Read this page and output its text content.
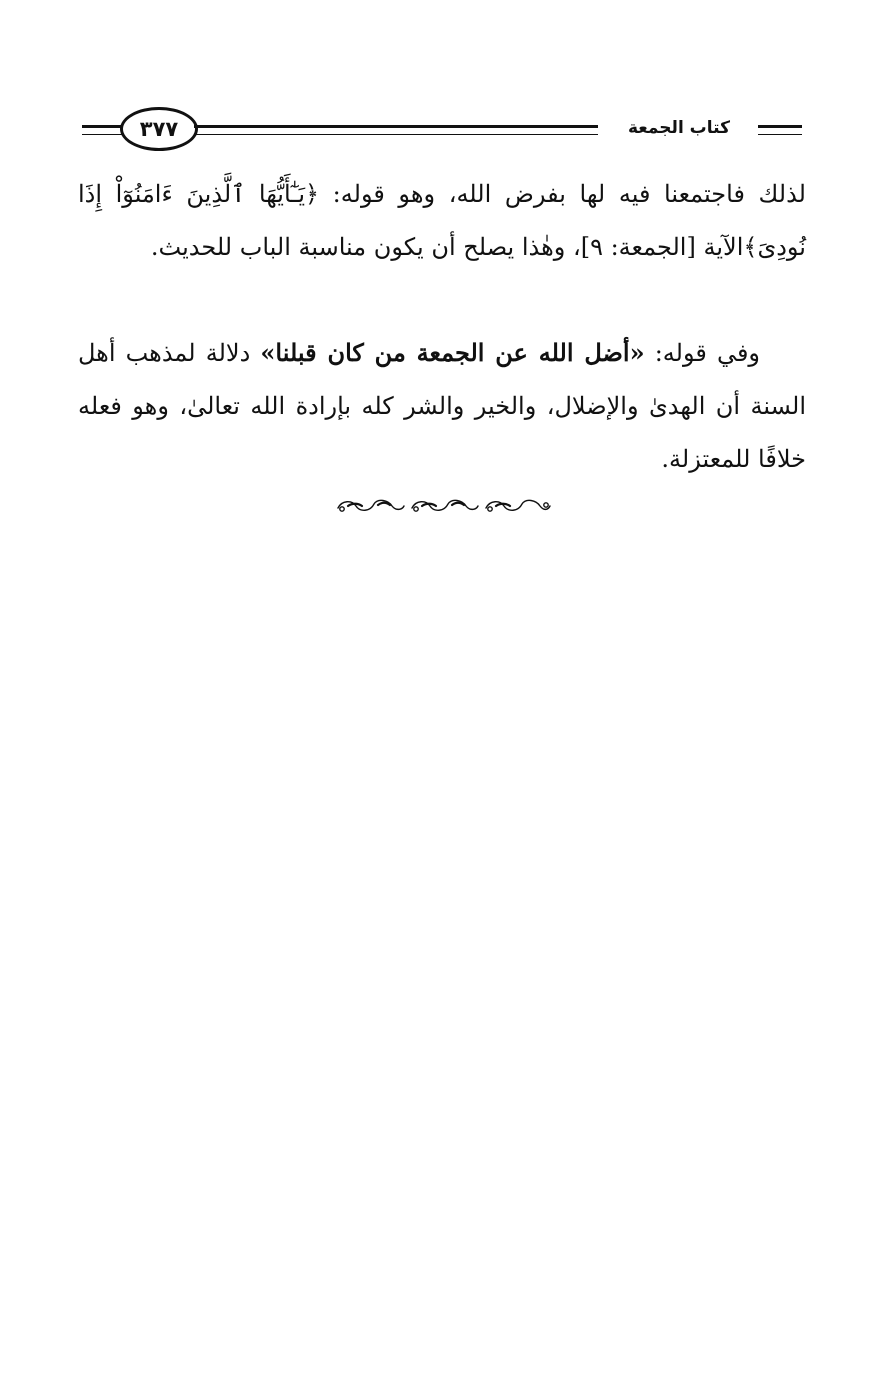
٣٧٧	كتاب الجمعة

لذلك فاجتمعنا فيه لها بفرض الله، وهو قوله: ﴿يَـٰٓأَيُّهَا ٱلَّذِينَ ءَامَنُوٓاْ إِذَا نُودِىَ﴾الآية [الجمعة: ٩]، وهٰذا يصلح أن يكون مناسبة الباب للحديث.

وفي قوله: «أضل الله عن الجمعة من كان قبلنا» دلالة لمذهب أهل السنة أن الهدىٰ والإضلال، والخير والشر كله بإرادة الله تعالىٰ، وهو فعله خلافًا للمعتزلة.
